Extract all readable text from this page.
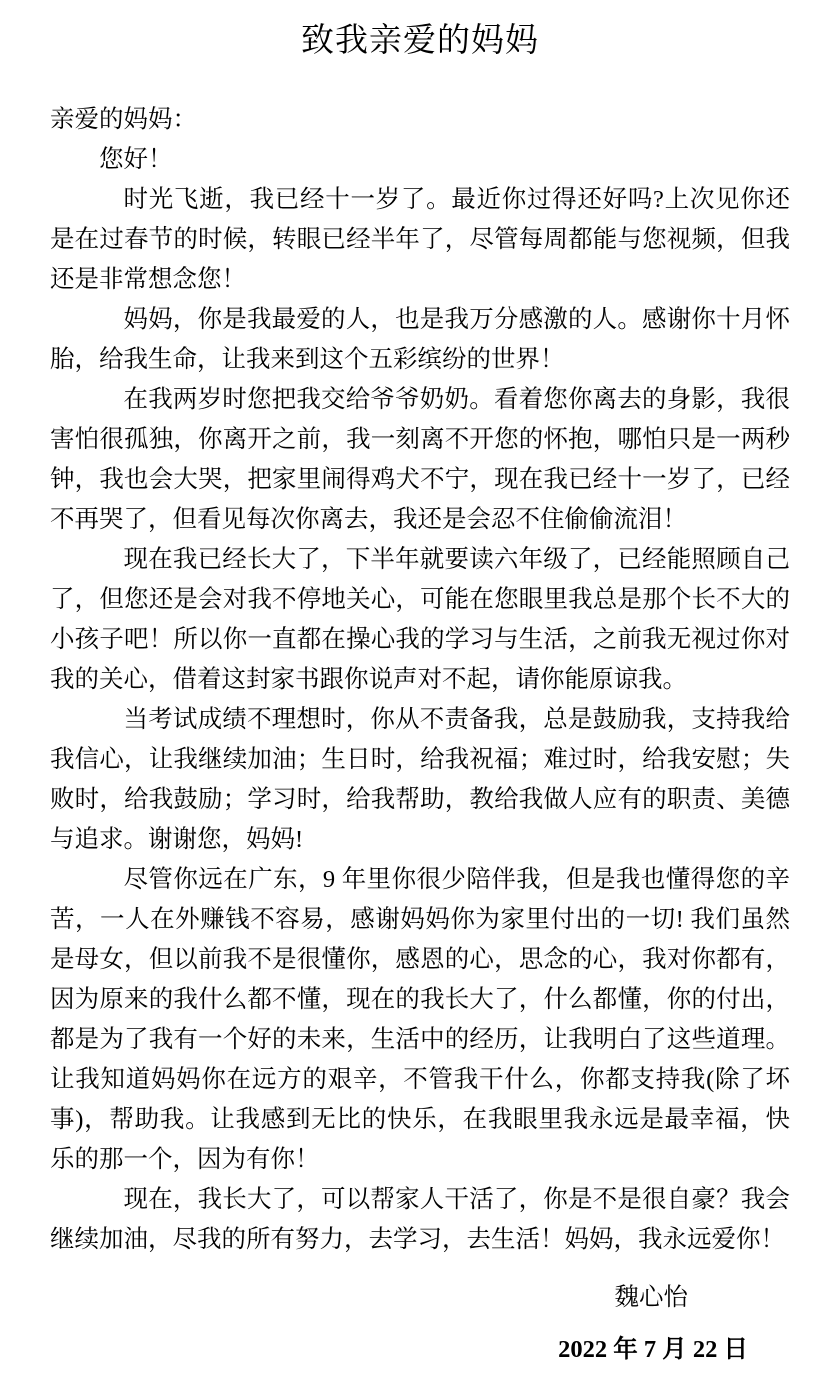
致我亲爱的妈妈
亲爱的妈妈：
您好！

时光飞逝，我已经十一岁了。最近你过得还好吗?上次见你还是在过春节的时候，转眼已经半年了，尽管每周都能与您视频，但我还是非常想念您！

妈妈，你是我最爱的人，也是我万分感激的人。感谢你十月怀胎，给我生命，让我来到这个五彩缤纷的世界！

在我两岁时您把我交给爷爷奶奶。看着您你离去的身影，我很害怕很孤独，你离开之前，我一刻离不开您的怀抱，哪怕只是一两秒钟，我也会大哭，把家里闹得鸡犬不宁，现在我已经十一岁了，已经不再哭了，但看见每次你离去，我还是会忍不住偷偷流泪！

现在我已经长大了，下半年就要读六年级了，已经能照顾自己了，但您还是会对我不停地关心，可能在您眼里我总是那个长不大的小孩子吧！所以你一直都在操心我的学习与生活，之前我无视过你对我的关心，借着这封家书跟你说声对不起，请你能原谅我。

当考试成绩不理想时，你从不责备我，总是鼓励我，支持我给我信心，让我继续加油；生日时，给我祝福；难过时，给我安慰；失败时，给我鼓励；学习时，给我帮助，教给我做人应有的职责、美德与追求。谢谢您，妈妈!

尽管你远在广东，9 年里你很少陪伴我，但是我也懂得您的辛苦，一人在外赚钱不容易，感谢妈妈你为家里付出的一切! 我们虽然是母女，但以前我不是很懂你，感恩的心，思念的心，我对你都有，因为原来的我什么都不懂，现在的我长大了，什么都懂，你的付出，都是为了我有一个好的未来，生活中的经历，让我明白了这些道理。让我知道妈妈你在远方的艰辛，不管我干什么，你都支持我(除了坏事)，帮助我。让我感到无比的快乐，在我眼里我永远是最幸福，快乐的那一个，因为有你！

现在，我长大了，可以帮家人干活了，你是不是很自豪？我会继续加油，尽我的所有努力，去学习，去生活！妈妈，我永远爱你！

魏心怡
2022 年 7 月 22 日
